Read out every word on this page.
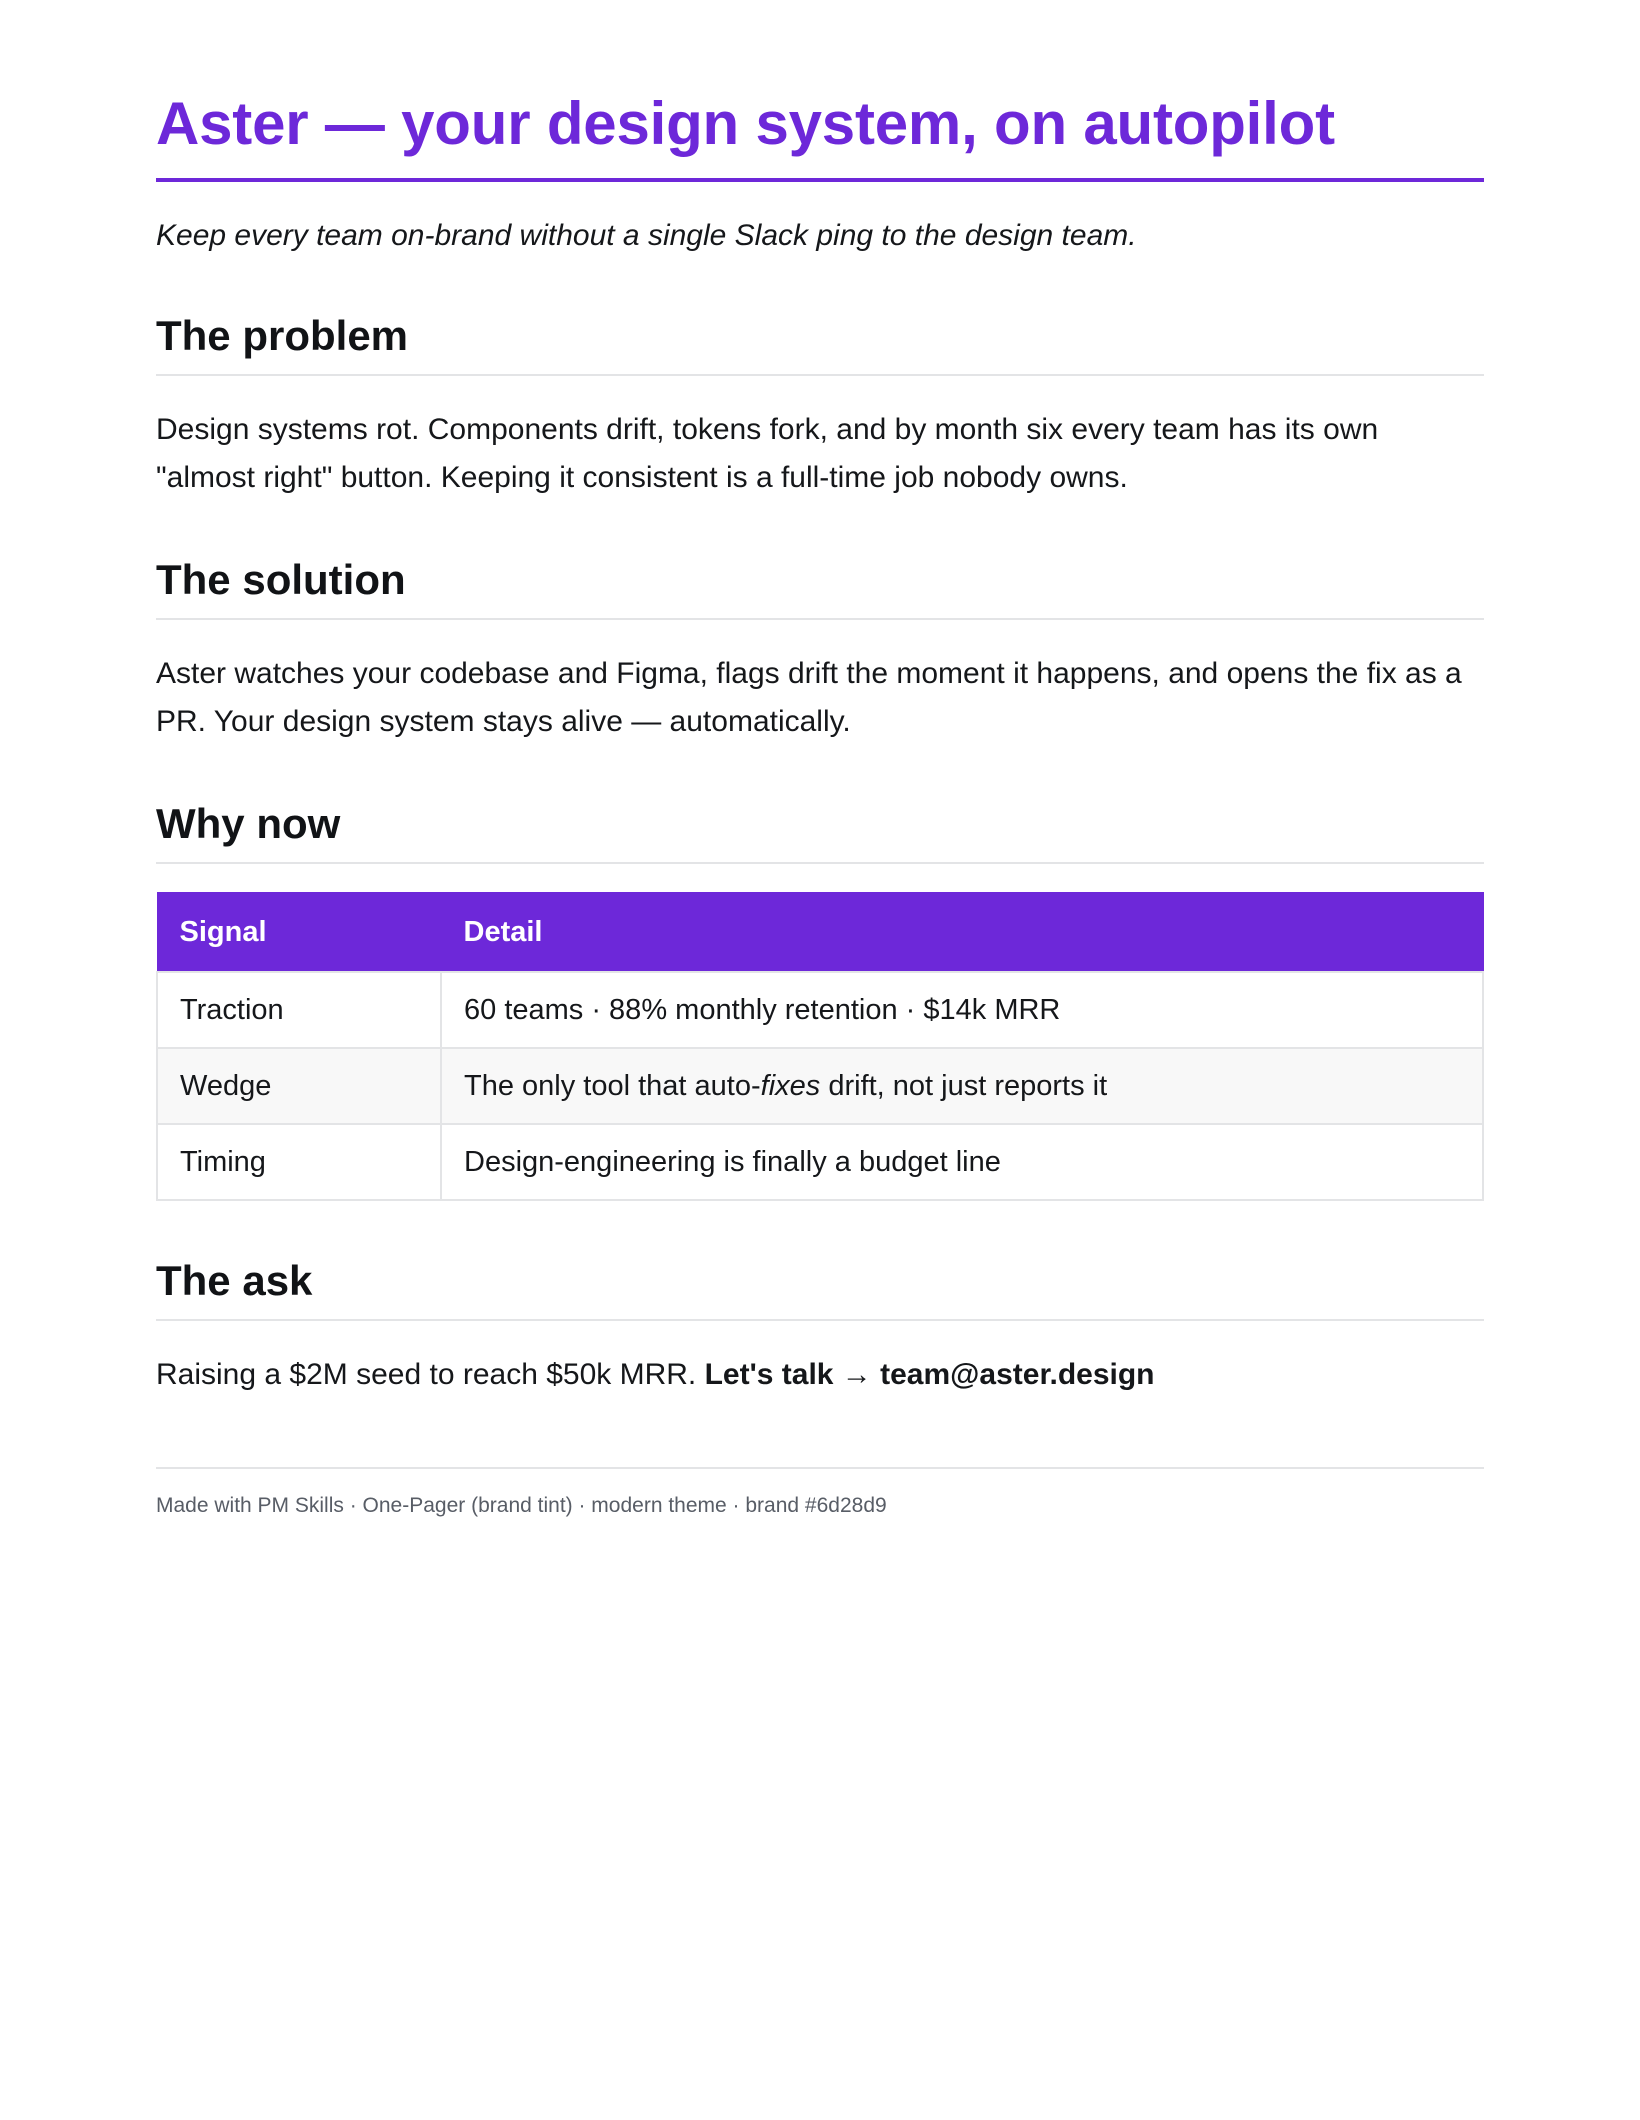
Aster — your design system, on autopilot

Keep every team on-brand without a single Slack ping to the design team.

The problem

Design systems rot. Components drift, tokens fork, and by month six every team has its own "almost right" button. Keeping it consistent is a full-time job nobody owns.

The solution

Aster watches your codebase and Figma, flags drift the moment it happens, and opens the fix as a PR. Your design system stays alive — automatically.

Why now
Signal	Detail
Traction	60 teams · 88% monthly retention · $14k MRR
Wedge	The only tool that auto-fixes drift, not just reports it
Timing	Design-engineering is finally a budget line
The ask

Raising a $2M seed to reach $50k MRR. Let's talk → team@aster.design

Made with PM Skills · One-Pager (brand tint) · modern theme · brand #6d28d9
